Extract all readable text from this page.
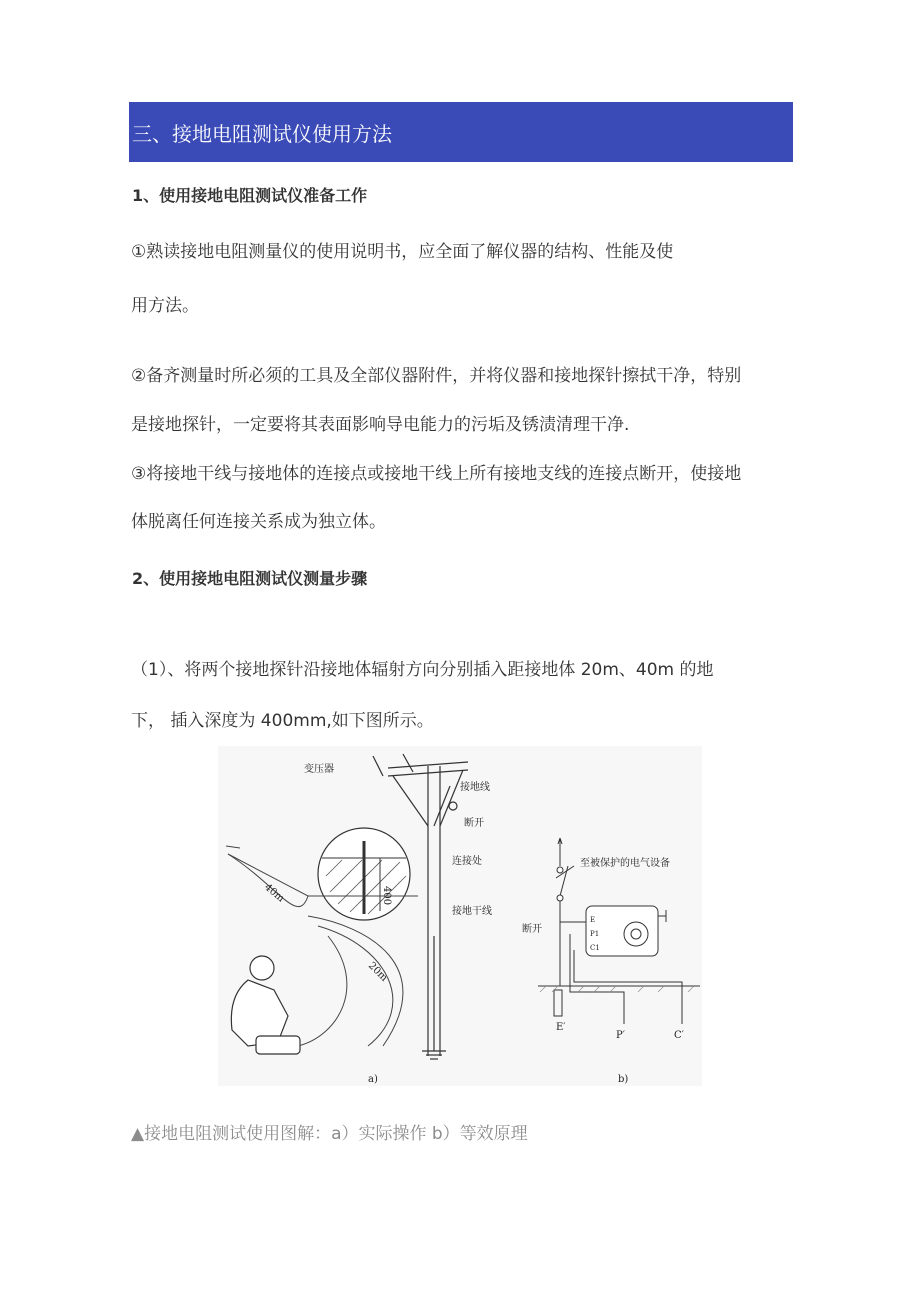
三、接地电阻测试仪使用方法
1、使用接地电阻测试仪准备工作
①熟读接地电阻测量仪的使用说明书，应全面了解仪器的结构、性能及使
用方法。
②备齐测量时所必须的工具及全部仪器附件，并将仪器和接地探针擦拭干净，特别
是接地探针，一定要将其表面影响导电能力的污垢及锈渍清理干净.
③将接地干线与接地体的连接点或接地干线上所有接地支线的连接点断开，使接地
体脱离任何连接关系成为独立体。
2、使用接地电阻测试仪测量步骤
（1）、将两个接地探针沿接地体辐射方向分别插入距接地体 20m、40m 的地
下， 插入深度为 400mm,如下图所示。
400
变压器
接地线
断开
连接处
接地干线
40m
20m
a)
至被保护的电气设备
断开
E
P1
C1
E′
P′	C′
b)
▲接地电阻测试使用图解：a）实际操作 b）等效原理
